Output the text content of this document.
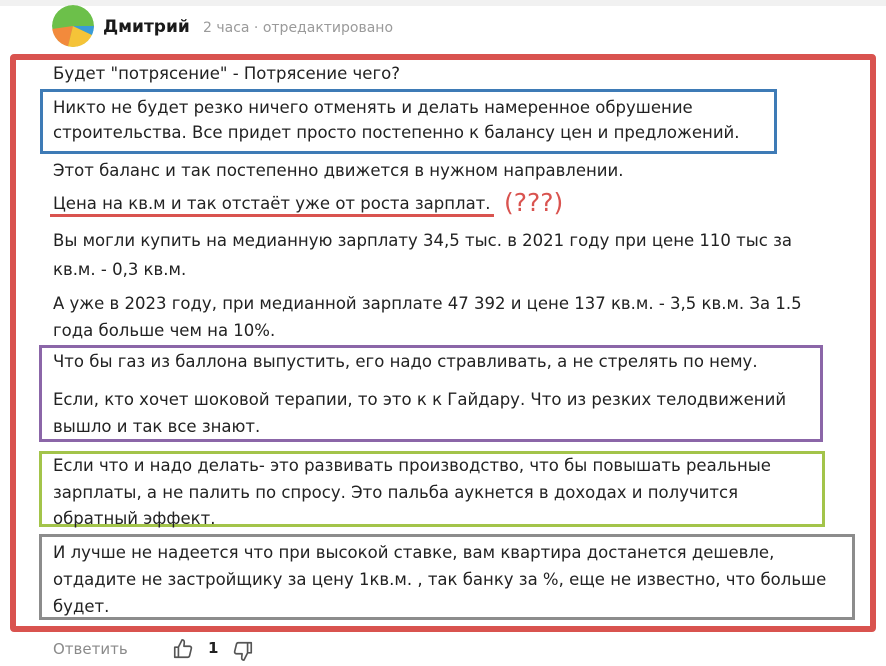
Дмитрий 2 часа · отредактировано
Будет "потрясение" - Потрясение чего?
Никто не будет резко ничего отменять и делать намеренное обрушение
строительства. Все придет просто постепенно к балансу цен и предложений.
Этот баланс и так постепенно движется в нужном направлении.
Цена на кв.м и так отстаёт уже от роста зарплат. (???)
Вы могли купить на медианную зарплату 34,5 тыс. в 2021 году при цене 110 тыс за
кв.м. - 0,3 кв.м.
А уже в 2023 году, при медианной зарплате 47 392 и цене 137 кв.м. - 3,5 кв.м. За 1.5
года больше чем на 10%.
Что бы газ из баллона выпустить, его надо стравливать, а не стрелять по нему.
Если, кто хочет шоковой терапии, то это к к Гайдару. Что из резких телодвижений
вышло и так все знают.
Если что и надо делать- это развивать производство, что бы повышать реальные
зарплаты, а не палить по спросу. Это пальба аукнется в доходах и получится
обратный эффект.
И лучше не надеется что при высокой ставке, вам квартира достанется дешевле,
отдадите не застройщику за цену 1кв.м. , так банку за %, еще не известно, что больше
будет.
Ответить	1
